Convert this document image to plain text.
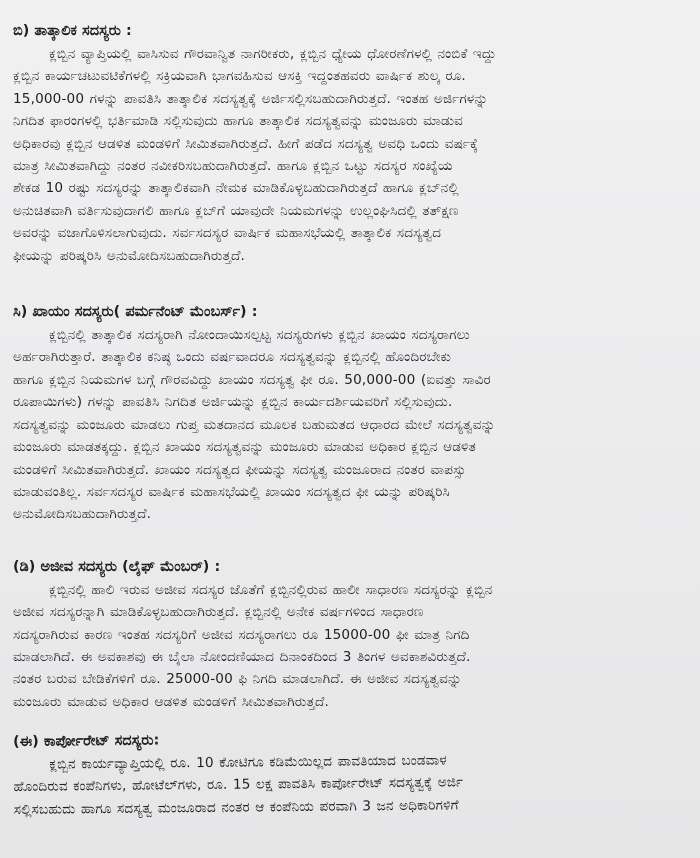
ಬಿ) ತಾತ್ಕಾಲಿಕ ಸದಸ್ಯರು :
ಕ್ಲಬ್ಬಿನ ವ್ಯಾಪ್ತಿಯಲ್ಲಿ ವಾಸಿಸುವ ಗೌರವಾನ್ವಿತ ನಾಗರೀಕರು, ಕ್ಲಬ್ಬಿನ ಧ್ಯೇಯ ಧೋರಣೆಗಳಲ್ಲಿ ನಂಬಿಕೆ ಇದ್ದು
ಕ್ಲಬ್ಬಿನ ಕಾರ್ಯಚಟುವಟಿಕೆಗಳಲ್ಲಿ ಸಕ್ರಿಯವಾಗಿ ಭಾಗವಹಿಸುವ ಆಸಕ್ತಿ ಇದ್ದಂತಹವರು ವಾರ್ಷಿಕ ಶುಲ್ಕ ರೂ.
15,000-00 ಗಳನ್ನು ಪಾವತಿಸಿ ತಾತ್ಕಾಲಿಕ ಸದಸ್ಯತ್ವಕ್ಕೆ ಅರ್ಜಿಸಲ್ಲಿಸಬಹುದಾಗಿರುತ್ತದೆ. ಇಂತಹ ಅರ್ಜಿಗಳನ್ನು
ನಿಗದಿತ ಫಾರಂಗಳಲ್ಲಿ ಭರ್ತಿಮಾಡಿ ಸಲ್ಲಿಸುವುದು ಹಾಗೂ ತಾತ್ಕಾಲಿಕ ಸದಸ್ಯತ್ವವನ್ನು ಮಂಜೂರು ಮಾಡುವ
ಅಧಿಕಾರವು ಕ್ಲಬ್ಬಿನ ಆಡಳಿತ ಮಂಡಳಿಗೆ ಸೀಮಿತವಾಗಿರುತ್ತದೆ. ಹೀಗೆ ಪಡೆದ ಸದಸ್ಯತ್ವ ಅವಧಿ ಒಂದು ವರ್ಷಕ್ಕೆ
ಮಾತ್ರ ಸೀಮಿತವಾಗಿದ್ದು ನಂತರ ನವೀಕರಿಸಬಹುದಾಗಿರುತ್ತದೆ. ಹಾಗೂ ಕ್ಲಬ್ಬಿನ ಒಟ್ಟು ಸದಸ್ಯರ ಸಂಖ್ಯೆಯ
ಶೇಕಡ 10 ರಷ್ಟು ಸದಸ್ಯರನ್ನು ತಾತ್ಕಾಲಿಕವಾಗಿ ನೇಮಕ ಮಾಡಿಕೊಳ್ಳಬಹುದಾಗಿರುತ್ತದೆ ಹಾಗೂ ಕ್ಲಬ್‌ನಲ್ಲಿ
ಅನುಚಿತವಾಗಿ ವರ್ತಿಸುವುದಾಗಲಿ ಹಾಗೂ ಕ್ಲಬ್‌ಗೆ ಯಾವುದೇ ನಿಯಮಗಳನ್ನು ಉಲ್ಲಂಘಿಸಿದಲ್ಲಿ ತತ್‌ಕ್ಷಣ
ಅವರನ್ನು ವಜಾಗೊಳಿಸಲಾಗುವುದು. ಸರ್ವಸದಸ್ಯರ ವಾರ್ಷಿಕ ಮಹಾಸಭೆಯಲ್ಲಿ ತಾತ್ಕಾಲಿಕ ಸದಸ್ಯತ್ವದ
ಫೀಯನ್ನು ಪರಿಷ್ಕರಿಸಿ ಅನುಮೋದಿಸಬಹುದಾಗಿರುತ್ತದೆ.
ಸಿ) ಖಾಯಂ ಸದಸ್ಯರು( ಪರ್ಮನೆಂಟ್ ಮೆಂಬರ್ಸ್) :
ಕ್ಲಬ್ಬಿನಲ್ಲಿ ತಾತ್ಕಾಲಿಕ ಸದಸ್ಯರಾಗಿ ನೋಂದಾಯಿಸಲ್ಪಟ್ಟ ಸದಸ್ಯರುಗಳು ಕ್ಲಬ್ಬಿನ ಖಾಯಂ ಸದಸ್ಯರಾಗಲು
ಅರ್ಹರಾಗಿರುತ್ತಾರೆ. ತಾತ್ಕಾಲಿಕ ಕನಿಷ್ಠ ಒಂದು ವರ್ಷವಾದರೂ ಸದಸ್ಯತ್ವವನ್ನು ಕ್ಲಬ್ಬಿನಲ್ಲಿ ಹೊಂದಿರಬೇಕು
ಹಾಗೂ ಕ್ಲಬ್ಬಿನ ನಿಯಮಗಳ ಬಗ್ಗೆ ಗೌರವವಿದ್ದು ಖಾಯಂ ಸದಸ್ಯತ್ವ ಫೀ ರೂ. 50,000-00 (ಐವತ್ತು ಸಾವಿರ
ರೂಪಾಯಿಗಳು) ಗಳನ್ನು ಪಾವತಿಸಿ ನಿಗದಿತ ಅರ್ಜಿಯನ್ನು ಕ್ಲಬ್ಬಿನ ಕಾರ್ಯದರ್ಶಿಯವರಿಗೆ ಸಲ್ಲಿಸುವುದು.
ಸದಸ್ಯತ್ವವನ್ನು ಮಂಜೂರು ಮಾಡಲು ಗುಪ್ತ ಮತದಾನದ ಮೂಲಕ ಬಹುಮತದ ಆಧಾರದ ಮೇಲೆ ಸದಸ್ಯತ್ವವನ್ನು
ಮಂಜೂರು ಮಾಡತಕ್ಕದ್ದು. ಕ್ಲಬ್ಬಿನ ಖಾಯಂ ಸದಸ್ಯತ್ವವನ್ನು ಮಂಜೂರು ಮಾಡುವ ಅಧಿಕಾರ ಕ್ಲಬ್ಬಿನ ಆಡಳಿತ
ಮಂಡಳಿಗೆ ಸೀಮಿತವಾಗಿರುತ್ತದೆ. ಖಾಯಂ ಸದಸ್ಯತ್ವದ ಫೀಯನ್ನು ಸದಸ್ಯತ್ವ ಮಂಜೂರಾದ ನಂತರ ವಾಪಸ್ಸು
ಮಾಡುವಂತಿಲ್ಲ. ಸರ್ವಸದಸ್ಯರ ವಾರ್ಷಿಕ ಮಹಾಸಭೆಯಲ್ಲಿ ಖಾಯಂ ಸದಸ್ಯತ್ವದ ಫೀ ಯನ್ನು ಪರಿಷ್ಕರಿಸಿ
ಅನುಮೋದಿಸಬಹುದಾಗಿರುತ್ತದೆ.
(ಡಿ) ಅಜೀವ ಸದಸ್ಯರು (ಲೈಫ್ ಮೆಂಬರ್) :
ಕ್ಲಬ್ಬಿನಲ್ಲಿ ಹಾಲಿ ಇರುವ ಅಜೀವ ಸದಸ್ಯರ ಜೊತೆಗೆ ಕ್ಲಬ್ಬಿನಲ್ಲಿರುವ ಹಾಲೀ ಸಾಧಾರಣ ಸದಸ್ಯರನ್ನು ಕ್ಲಬ್ಬಿನ
ಅಜೀವ ಸದಸ್ಯರನ್ನಾಗಿ ಮಾಡಿಕೊಳ್ಳಬಹುದಾಗಿರುತ್ತದೆ. ಕ್ಲಬ್ಬಿನಲ್ಲಿ ಅನೇಕ ವರ್ಷಗಳಿಂದ ಸಾಧಾರಣ
ಸದಸ್ಯರಾಗಿರುವ ಕಾರಣ ಇಂತಹ ಸದಸ್ಯರಿಗೆ ಅಜೀವ ಸದಸ್ಯರಾಗಲು ರೂ 15000-00 ಫೀ ಮಾತ್ರ ನಿಗದಿ
ಮಾಡಲಾಗಿದೆ. ಈ ಅವಕಾಶವು ಈ ಬೈಲಾ ನೋಂದಣಿಯಾದ ದಿನಾಂಕದಿಂದ 3 ತಿಂಗಳ ಅವಕಾಶವಿರುತ್ತದೆ.
ನಂತರ ಬರುವ ಬೇಡಿಕೆಗಳಿಗೆ ರೂ. 25000-00 ಫಿ ನಿಗದಿ ಮಾಡಲಾಗಿದೆ. ಈ ಅಜೀವ ಸದಸ್ಯತ್ವವನ್ನು
ಮಂಜೂರು ಮಾಡುವ ಅಧಿಕಾರ ಆಡಳಿತ ಮಂಡಳಿಗೆ ಸೀಮಿತವಾಗಿರುತ್ತದೆ.
(ಈ) ಕಾರ್ಪೋರೇಟ್ ಸದಸ್ಯರು:
ಕ್ಲಬ್ಬಿನ ಕಾರ್ಯವ್ಯಾಪ್ತಿಯಲ್ಲಿ ರೂ. 10 ಕೋಟಿಗೂ ಕಡಿಮೆಯಿಲ್ಲದ ಪಾವತಿಯಾದ ಬಂಡವಾಳ
ಹೊಂದಿರುವ ಕಂಪೆನಿಗಳು, ಹೋಟೆಲ್‌ಗಳು, ರೂ. 15 ಲಕ್ಷ ಪಾವತಿಸಿ ಕಾರ್ಪೋರೇಟ್ ಸದಸ್ಯತ್ವಕ್ಕೆ ಅರ್ಜಿ
ಸಲ್ಲಿಸಬಹುದು ಹಾಗೂ ಸದಸ್ಯತ್ವ ಮಂಜೂರಾದ ನಂತರ ಆ ಕಂಪೆನಿಯ ಪರವಾಗಿ 3 ಜನ ಅಧಿಕಾರಿಗಳಿಗೆ
